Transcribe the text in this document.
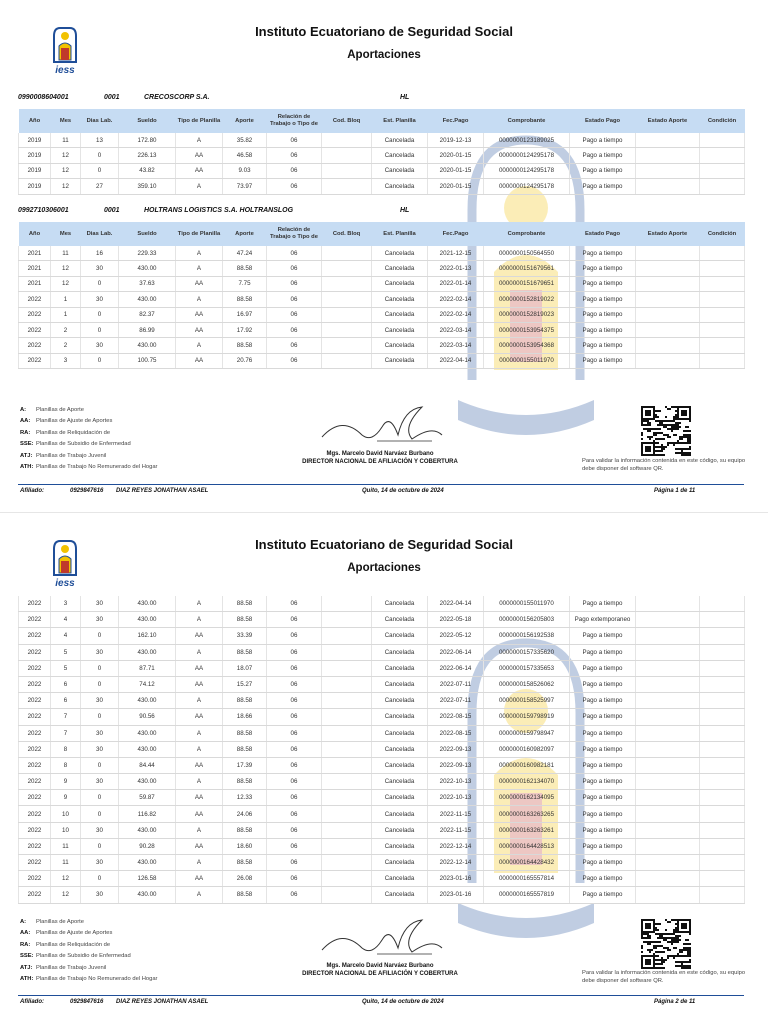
iess
Instituto Ecuatoriano de Seguridad Social
Aportaciones
0990008604001	0001	CRECOSCORP S.A.	HL
Año	Mes	Dias Lab.	Sueldo	Tipo de Planilla	Aporte	Relación de Trabajo o Tipo de	Cod. Bloq	Est. Planilla	Fec.Pago	Comprobante	Estado Pago	Estado Aporte	Condición
2019	11	13	172.80	A	35.82	06		Cancelada	2019-12-13	0000000123189025	Pago a tiempo		
2019	12	0	226.13	AA	46.58	06		Cancelada	2020-01-15	0000000124295178	Pago a tiempo		
2019	12	0	43.82	AA	9.03	06		Cancelada	2020-01-15	0000000124295178	Pago a tiempo		
2019	12	27	359.10	A	73.97	06		Cancelada	2020-01-15	0000000124295178	Pago a tiempo		
0992710306001	0001	HOLTRANS LOGISTICS S.A. HOLTRANSLOG	HL
Año	Mes	Dias Lab.	Sueldo	Tipo de Planilla	Aporte	Relación de Trabajo o Tipo de	Cod. Bloq	Est. Planilla	Fec.Pago	Comprobante	Estado Pago	Estado Aporte	Condición
2021	11	16	229.33	A	47.24	06		Cancelada	2021-12-15	0000000150564550	Pago a tiempo		
2021	12	30	430.00	A	88.58	06		Cancelada	2022-01-13	0000000151679561	Pago a tiempo		
2021	12	0	37.63	AA	7.75	06		Cancelada	2022-01-14	0000000151679651	Pago a tiempo		
2022	1	30	430.00	A	88.58	06		Cancelada	2022-02-14	0000000152819022	Pago a tiempo		
2022	1	0	82.37	AA	16.97	06		Cancelada	2022-02-14	0000000152819023	Pago a tiempo		
2022	2	0	86.99	AA	17.92	06		Cancelada	2022-03-14	0000000153954375	Pago a tiempo		
2022	2	30	430.00	A	88.58	06		Cancelada	2022-03-14	0000000153954368	Pago a tiempo		
2022	3	0	100.75	AA	20.76	06		Cancelada	2022-04-14	0000000155011970	Pago a tiempo		
A: Planillas de Aporte
AA: Planillas de Ajuste de Aportes
RA: Planillas de Reliquidación de
SSE: Planillas de Subsidio de Enfermedad
ATJ: Planillas de Trabajo Juvenil
ATH: Planillas de Trabajo No Remunerado del Hogar
Mgs. Marcelo David Narváez Burbano
DIRECTOR NACIONAL DE AFILIACIÓN Y COBERTURA	Para validar la información contenida en este código, su equipo debe disponer del software QR.
Afiliado:	0929847616 DIAZ REYES JONATHAN ASAEL	Quito, 14 de octubre de 2024	Página 1 de 11
iess
Instituto Ecuatoriano de Seguridad Social
Aportaciones
2022	3	30	430.00	A	88.58	06		Cancelada	2022-04-14	0000000155011970	Pago a tiempo		
2022	4	30	430.00	A	88.58	06		Cancelada	2022-05-18	0000000156205803	Pago extemporaneo		
2022	4	0	162.10	AA	33.39	06		Cancelada	2022-05-12	0000000156192538	Pago a tiempo		
2022	5	30	430.00	A	88.58	06		Cancelada	2022-06-14	0000000157335620	Pago a tiempo		
2022	5	0	87.71	AA	18.07	06		Cancelada	2022-06-14	0000000157335653	Pago a tiempo		
2022	6	0	74.12	AA	15.27	06		Cancelada	2022-07-11	0000000158526062	Pago a tiempo		
2022	6	30	430.00	A	88.58	06		Cancelada	2022-07-11	0000000158525997	Pago a tiempo		
2022	7	0	90.56	AA	18.66	06		Cancelada	2022-08-15	0000000159798919	Pago a tiempo		
2022	7	30	430.00	A	88.58	06		Cancelada	2022-08-15	0000000159798947	Pago a tiempo		
2022	8	30	430.00	A	88.58	06		Cancelada	2022-09-13	0000000160982097	Pago a tiempo		
2022	8	0	84.44	AA	17.39	06		Cancelada	2022-09-13	0000000160982181	Pago a tiempo		
2022	9	30	430.00	A	88.58	06		Cancelada	2022-10-13	0000000162134070	Pago a tiempo		
2022	9	0	59.87	AA	12.33	06		Cancelada	2022-10-13	0000000162134095	Pago a tiempo		
2022	10	0	116.82	AA	24.06	06		Cancelada	2022-11-15	0000000163263265	Pago a tiempo		
2022	10	30	430.00	A	88.58	06		Cancelada	2022-11-15	0000000163263261	Pago a tiempo		
2022	11	0	90.28	AA	18.60	06		Cancelada	2022-12-14	0000000164428513	Pago a tiempo		
2022	11	30	430.00	A	88.58	06		Cancelada	2022-12-14	0000000164428432	Pago a tiempo		
2022	12	0	126.58	AA	26.08	06		Cancelada	2023-01-16	0000000165557814	Pago a tiempo		
2022	12	30	430.00	A	88.58	06		Cancelada	2023-01-16	0000000165557819	Pago a tiempo		
A: Planillas de Aporte
AA: Planillas de Ajuste de Aportes
RA: Planillas de Reliquidación de
SSE: Planillas de Subsidio de Enfermedad
ATJ: Planillas de Trabajo Juvenil
ATH: Planillas de Trabajo No Remunerado del Hogar
Mgs. Marcelo David Narváez Burbano
DIRECTOR NACIONAL DE AFILIACIÓN Y COBERTURA	Para validar la información contenida en este código, su equipo debe disponer del software QR.
Afiliado:	0929847616 DIAZ REYES JONATHAN ASAEL	Quito, 14 de octubre de 2024	Página 2 de 11
